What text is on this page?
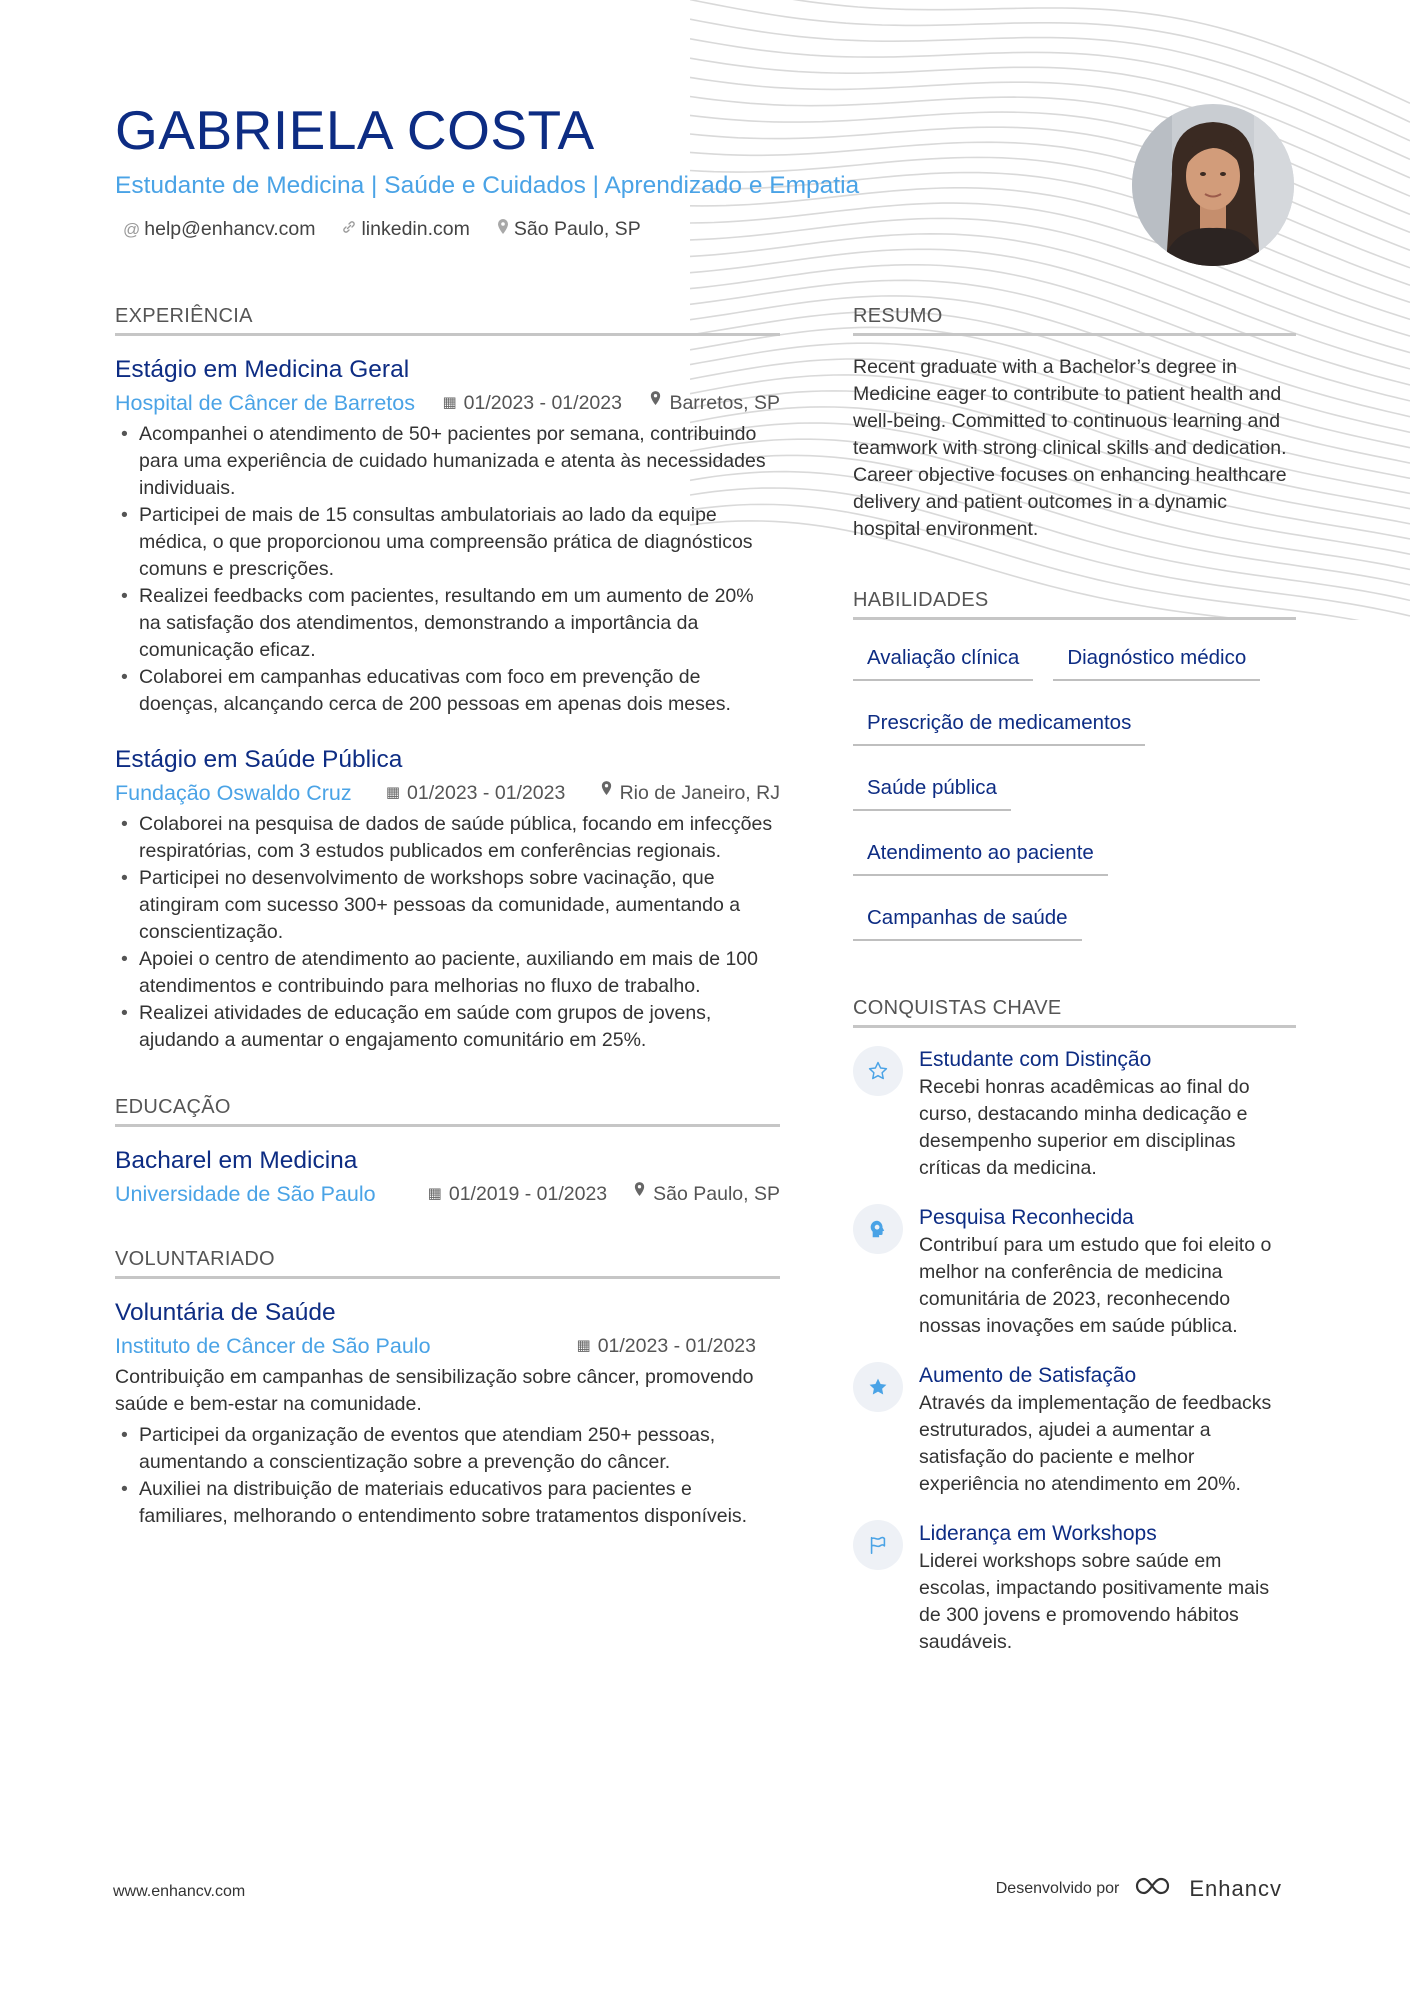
GABRIELA COSTA
Estudante de Medicina | Saúde e Cuidados | Aprendizado e Empatia
@ help@enhancv.com linkedin.com São Paulo, SP
EXPERIÊNCIA
Estágio em Medicina Geral
Hospital de Câncer de Barretos ▦ 01/2023 - 01/2023 Barretos, SP
• Acompanhei o atendimento de 50+ pacientes por semana, contribuindo para uma experiência de cuidado humanizada e atenta às necessidades individuais.
• Participei de mais de 15 consultas ambulatoriais ao lado da equipe médica, o que proporcionou uma compreensão prática de diagnósticos comuns e prescrições.
• Realizei feedbacks com pacientes, resultando em um aumento de 20% na satisfação dos atendimentos, demonstrando a importância da comunicação eficaz.
• Colaborei em campanhas educativas com foco em prevenção de doenças, alcançando cerca de 200 pessoas em apenas dois meses.
Estágio em Saúde Pública
Fundação Oswaldo Cruz ▦ 01/2023 - 01/2023	Rio de Janeiro, RJ
• Colaborei na pesquisa de dados de saúde pública, focando em infecções respiratórias, com 3 estudos publicados em conferências regionais.
• Participei no desenvolvimento de workshops sobre vacinação, que atingiram com sucesso 300+ pessoas da comunidade, aumentando a conscientização.
• Apoiei o centro de atendimento ao paciente, auxiliando em mais de 100 atendimentos e contribuindo para melhorias no fluxo de trabalho.
• Realizei atividades de educação em saúde com grupos de jovens, ajudando a aumentar o engajamento comunitário em 25%.
EDUCAÇÃO
Bacharel em Medicina
Universidade de São Paulo	▦ 01/2019 - 01/2023 São Paulo, SP
VOLUNTARIADO
Voluntária de Saúde
Instituto de Câncer de São Paulo	▦ 01/2023 - 01/2023
Contribuição em campanhas de sensibilização sobre câncer, promovendo saúde e bem-estar na comunidade.
• Participei da organização de eventos que atendiam 250+ pessoas, aumentando a conscientização sobre a prevenção do câncer.
• Auxiliei na distribuição de materiais educativos para pacientes e familiares, melhorando o entendimento sobre tratamentos disponíveis.
RESUMO
Recent graduate with a Bachelor’s degree in Medicine eager to contribute to patient health and well-being. Committed to continuous learning and teamwork with strong clinical skills and dedication. Career objective focuses on enhancing healthcare delivery and patient outcomes in a dynamic hospital environment.
HABILIDADES
Avaliação clínica	Diagnóstico médico
Prescrição de medicamentos
Saúde pública
Atendimento ao paciente
Campanhas de saúde
CONQUISTAS CHAVE
Estudante com Distinção
Recebi honras acadêmicas ao final do curso, destacando minha dedicação e desempenho superior em disciplinas críticas da medicina.
Pesquisa Reconhecida
Contribuí para um estudo que foi eleito o melhor na conferência de medicina comunitária de 2023, reconhecendo nossas inovações em saúde pública.
Aumento de Satisfação
Através da implementação de feedbacks estruturados, ajudei a aumentar a satisfação do paciente e melhor experiência no atendimento em 20%.
Liderança em Workshops
Liderei workshops sobre saúde em escolas, impactando positivamente mais de 300 jovens e promovendo hábitos saudáveis.
www.enhancv.com	Desenvolvido por	Enhancv
